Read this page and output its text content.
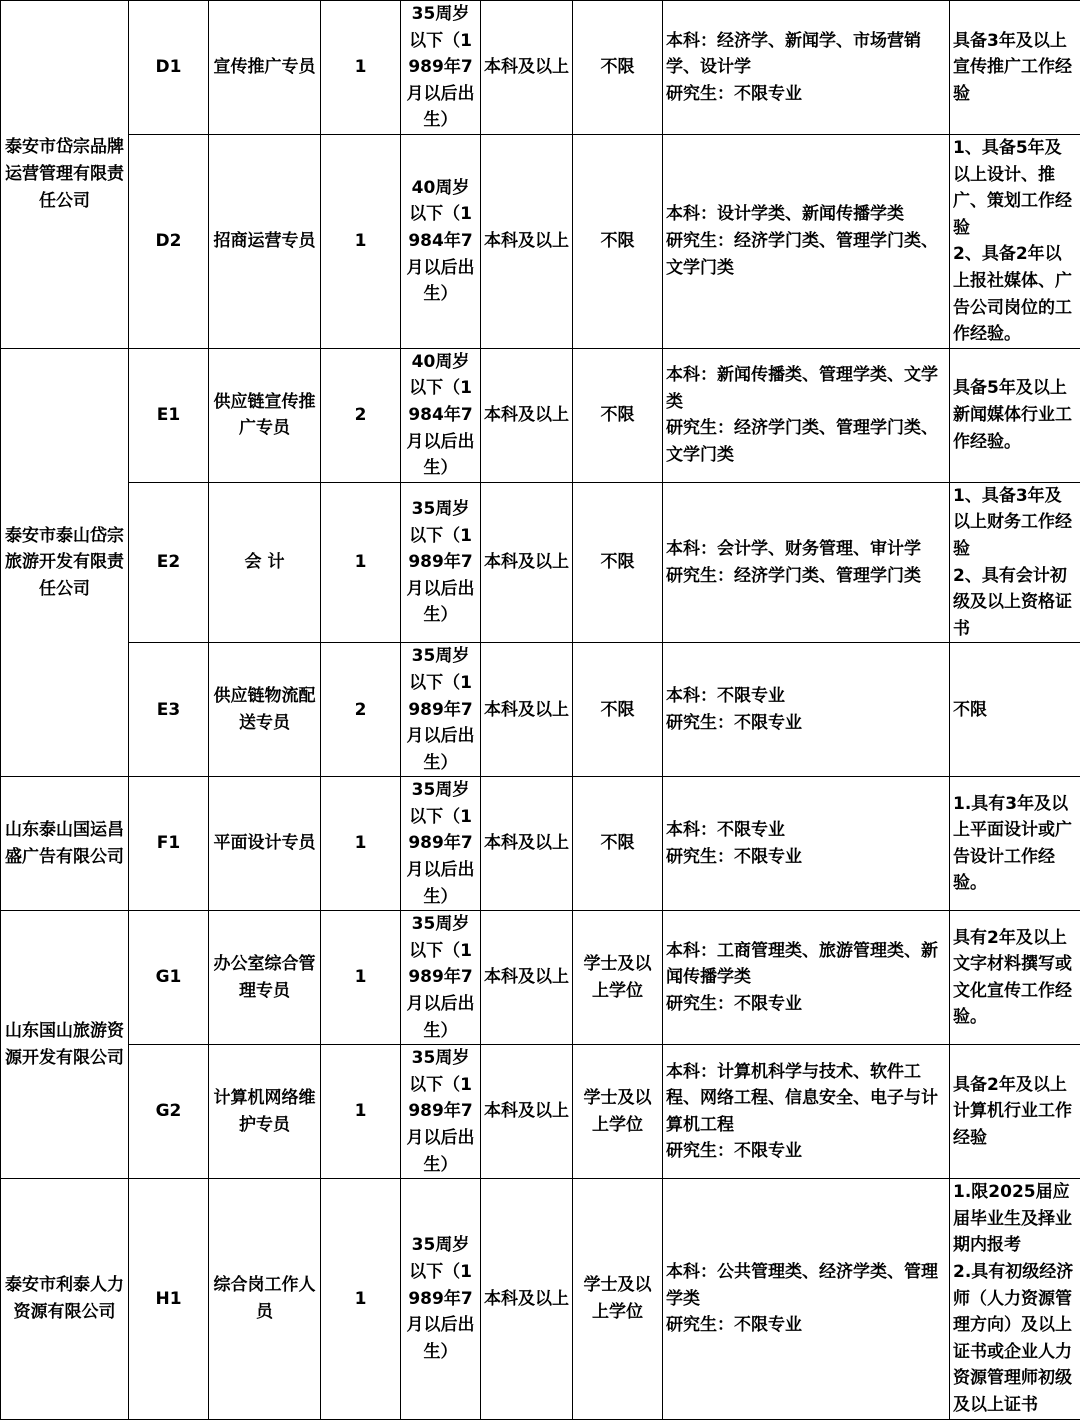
泰安市岱宗品牌运营管理有限责任公司	D1	宣传推广专员	1	35周岁以下（1989年7月以后出生）	本科及以上	不限	本科：经济学、新闻学、市场营销学、设计学
研究生：不限专业	具备3年及以上宣传推广工作经验

	D2	招商运营专员	1	40周岁以下（1984年7月以后出生）	本科及以上	不限	本科：设计学类、新闻传播学类
研究生：经济学门类、管理学门类、文学门类	1、具备5年及以上设计、推广、策划工作经验
2、具备2年以上报社媒体、广告公司岗位的工作经验。

泰安市泰山岱宗旅游开发有限责任公司	E1	供应链宣传推广专员	2	40周岁以下（1984年7月以后出生）	本科及以上	不限	本科：新闻传播类、管理学类、文学类
研究生：经济学门类、管理学门类、文学门类	具备5年及以上新闻媒体行业工作经验。

	E2	会 计	1	35周岁以下（1989年7月以后出生）	本科及以上	不限	本科：会计学、财务管理、审计学
研究生：经济学门类、管理学门类	1、具备3年及以上财务工作经验
2、具有会计初级及以上资格证书

	E3	供应链物流配送专员	2	35周岁以下（1989年7月以后出生）	本科及以上	不限	本科：不限专业
研究生：不限专业	不限

山东泰山国运昌盛广告有限公司	F1	平面设计专员	1	35周岁以下（1989年7月以后出生）	本科及以上	不限	本科：不限专业
研究生：不限专业	1.具有3年及以上平面设计或广告设计工作经验。

山东国山旅游资源开发有限公司	G1	办公室综合管理专员	1	35周岁以下（1989年7月以后出生）	本科及以上	学士及以上学位	本科：工商管理类、旅游管理类、新闻传播学类
研究生：不限专业	具有2年及以上文字材料撰写或文化宣传工作经验。

	G2	计算机网络维护专员	1	35周岁以下（1989年7月以后出生）	本科及以上	学士及以上学位	本科：计算机科学与技术、软件工程、网络工程、信息安全、电子与计算机工程
研究生：不限专业	具备2年及以上计算机行业工作经验

泰安市利泰人力资源有限公司	H1	综合岗工作人员	1	35周岁以下（1989年7月以后出生）	本科及以上	学士及以上学位	本科：公共管理类、经济学类、管理学类
研究生：不限专业	1.限2025届应届毕业生及择业期内报考
2.具有初级经济师（人力资源管理方向）及以上证书或企业人力资源管理师初级及以上证书
